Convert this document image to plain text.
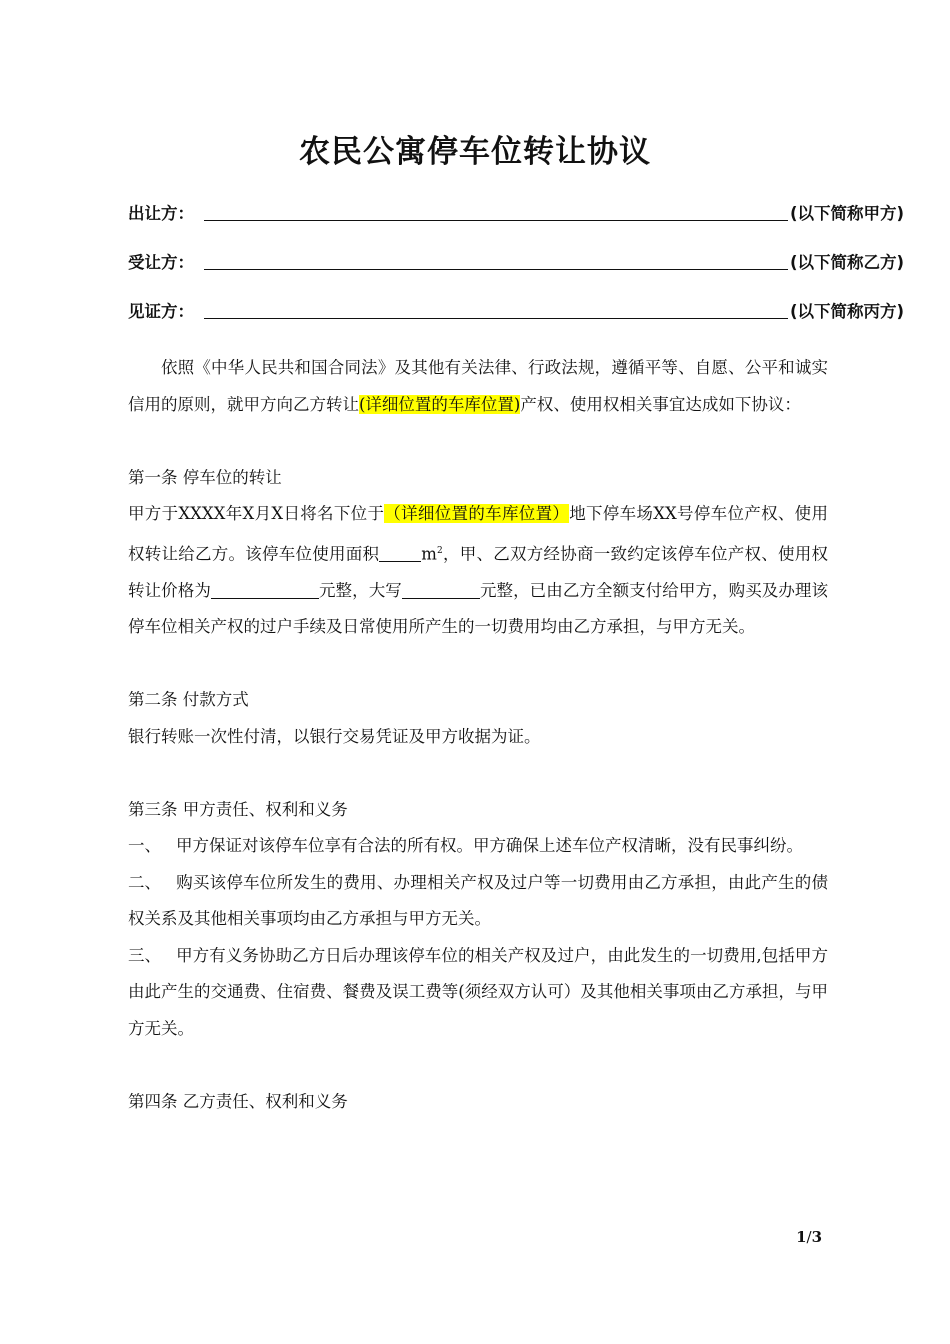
农民公寓停车位转让协议
出让方：	(以下简称甲方)
受让方：	(以下简称乙方)
见证方：	(以下简称丙方)

依照《中华人民共和国合同法》及其他有关法律、行政法规，遵循平等、自愿、公平和诚实信用的原则，就甲方向乙方转让(详细位置的车库位置)产权、使用权相关事宜达成如下协议：

第一条 停车位的转让

甲方于XXXX年X月X日将名下位于（详细位置的车库位置）地下停车场XX号停车位产权、使用权转让给乙方。该停车位使用面积	$m^2$，甲、乙双方经协商一致约定该停车位产权、使用权转让价格为	元整，大写	元整，已由乙方全额支付给甲方，购买及办理该停车位相关产权的过户手续及日常使用所产生的一切费用均由乙方承担，与甲方无关。

第二条 付款方式

银行转账一次性付清，以银行交易凭证及甲方收据为证。

第三条 甲方责任、权利和义务

一、 甲方保证对该停车位享有合法的所有权。甲方确保上述车位产权清晰，没有民事纠纷。

二、 购买该停车位所发生的费用、办理相关产权及过户等一切费用由乙方承担，由此产生的债权关系及其他相关事项均由乙方承担与甲方无关。

三、 甲方有义务协助乙方日后办理该停车位的相关产权及过户，由此发生的一切费用,包括甲方由此产生的交通费、住宿费、餐费及误工费等(须经双方认可）及其他相关事项由乙方承担，与甲方无关。

第四条 乙方责任、权利和义务

1/3
